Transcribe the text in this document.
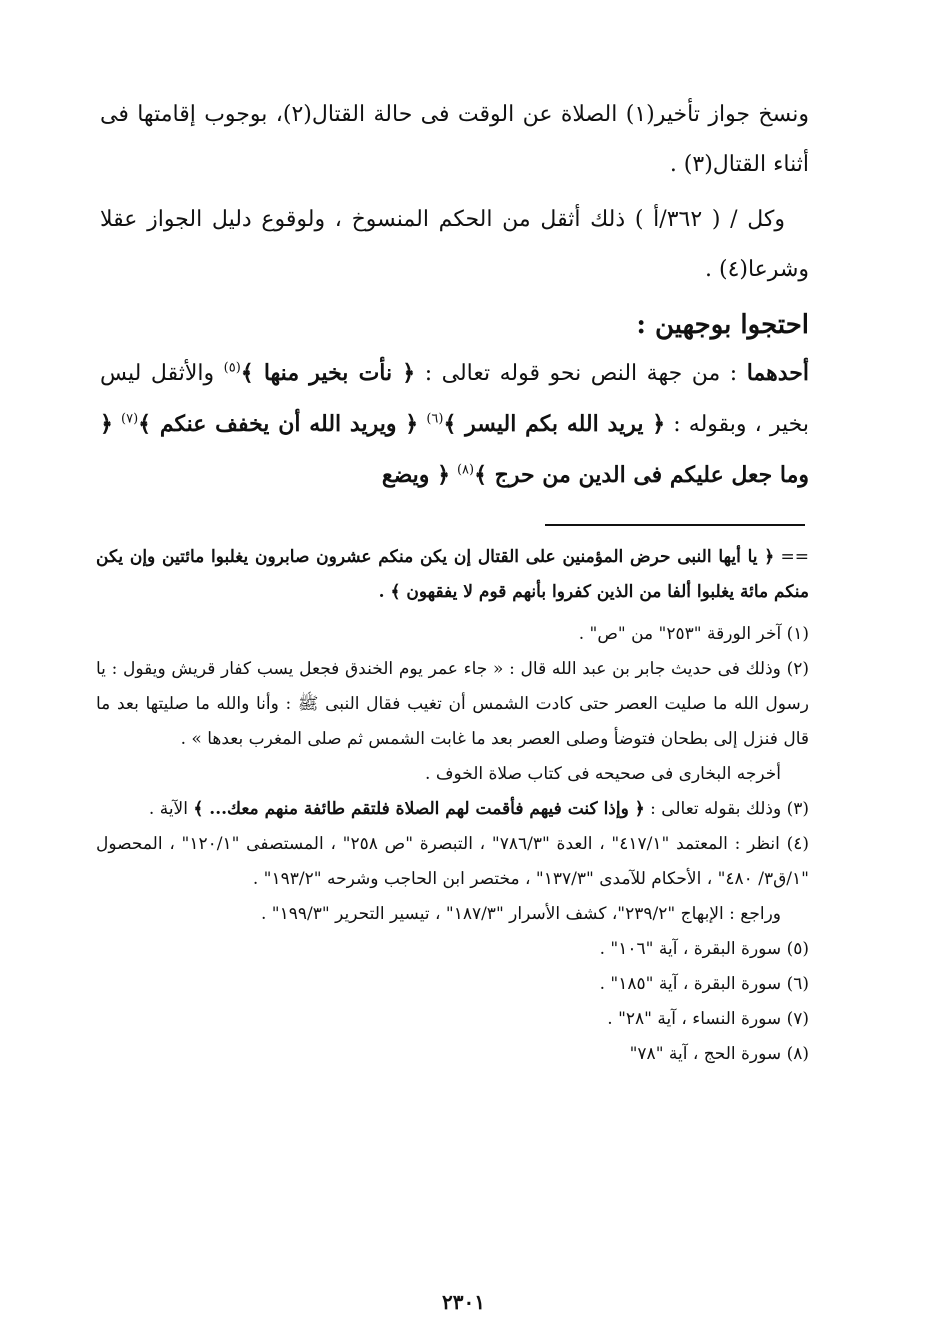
ونسخ جواز تأخير(١) الصلاة عن الوقت فى حالة القتال(٢)، بوجوب إقامتها فى أثناء القتال(٣) .

وكل / ( ٣٦٢/أ ) ذلك أثقل من الحكم المنسوخ ، ولوقوع دليل الجواز عقلا وشرعا(٤) .

احتجوا بوجهين :

أحدهما : من جهة النص نحو قوله تعالى : ﴿ نأت بخير منها ﴾$^{(٥)}$ والأثقل ليس بخير ، وبقوله : ﴿ يريد الله بكم اليسر ﴾$^{(٦)}$ ﴿ ويريد الله أن يخفف عنكم ﴾$^{(٧)}$ ﴿ وما جعل عليكم فى الدين من حرج ﴾$^{(٨)}$ ﴿ ويضع

== ﴿ يا أيها النبى حرض المؤمنين على القتال إن يكن منكم عشرون صابرون يغلبوا مائتين وإن يكن منكم مائة يغلبوا ألفا من الذين كفروا بأنهم قوم لا يفقهون ﴾ .

(١) آخر الورقة "٢٥٣" من "ص" .

(٢) وذلك فى حديث جابر بن عبد الله قال : « جاء عمر يوم الخندق فجعل يسب كفار قريش ويقول : يا رسول الله ما صليت العصر حتى كادت الشمس أن تغيب فقال النبى ﷺ : وأنا والله ما صليتها بعد ما قال فنزل إلى بطحان فتوضأ وصلى العصر بعد ما غابت الشمس ثم صلى المغرب بعدها » .

أخرجه البخارى فى صحيحه فى كتاب صلاة الخوف .

(٣) وذلك بقوله تعالى : ﴿ وإذا كنت فيهم فأقمت لهم الصلاة فلتقم طائفة منهم معك... ﴾ الآية .

(٤) انظر : المعتمد "٤١٧/١" ، العدة "٧٨٦/٣" ، التبصرة "ص ٢٥٨" ، المستصفى "١٢٠/١" ، المحصول "١/ق٣/ ٤٨٠" ، الأحكام للآمدى "١٣٧/٣" ، مختصر ابن الحاجب وشرحه "١٩٣/٢" .

وراجع : الإبهاج "٢٣٩/٢"، كشف الأسرار "١٨٧/٣" ، تيسير التحرير "١٩٩/٣" .

(٥) سورة البقرة ، آية "١٠٦" .

(٦) سورة البقرة ، آية "١٨٥" .

(٧) سورة النساء ، آية "٢٨" .

(٨) سورة الحج ، آية "٧٨"

٢٣٠١
